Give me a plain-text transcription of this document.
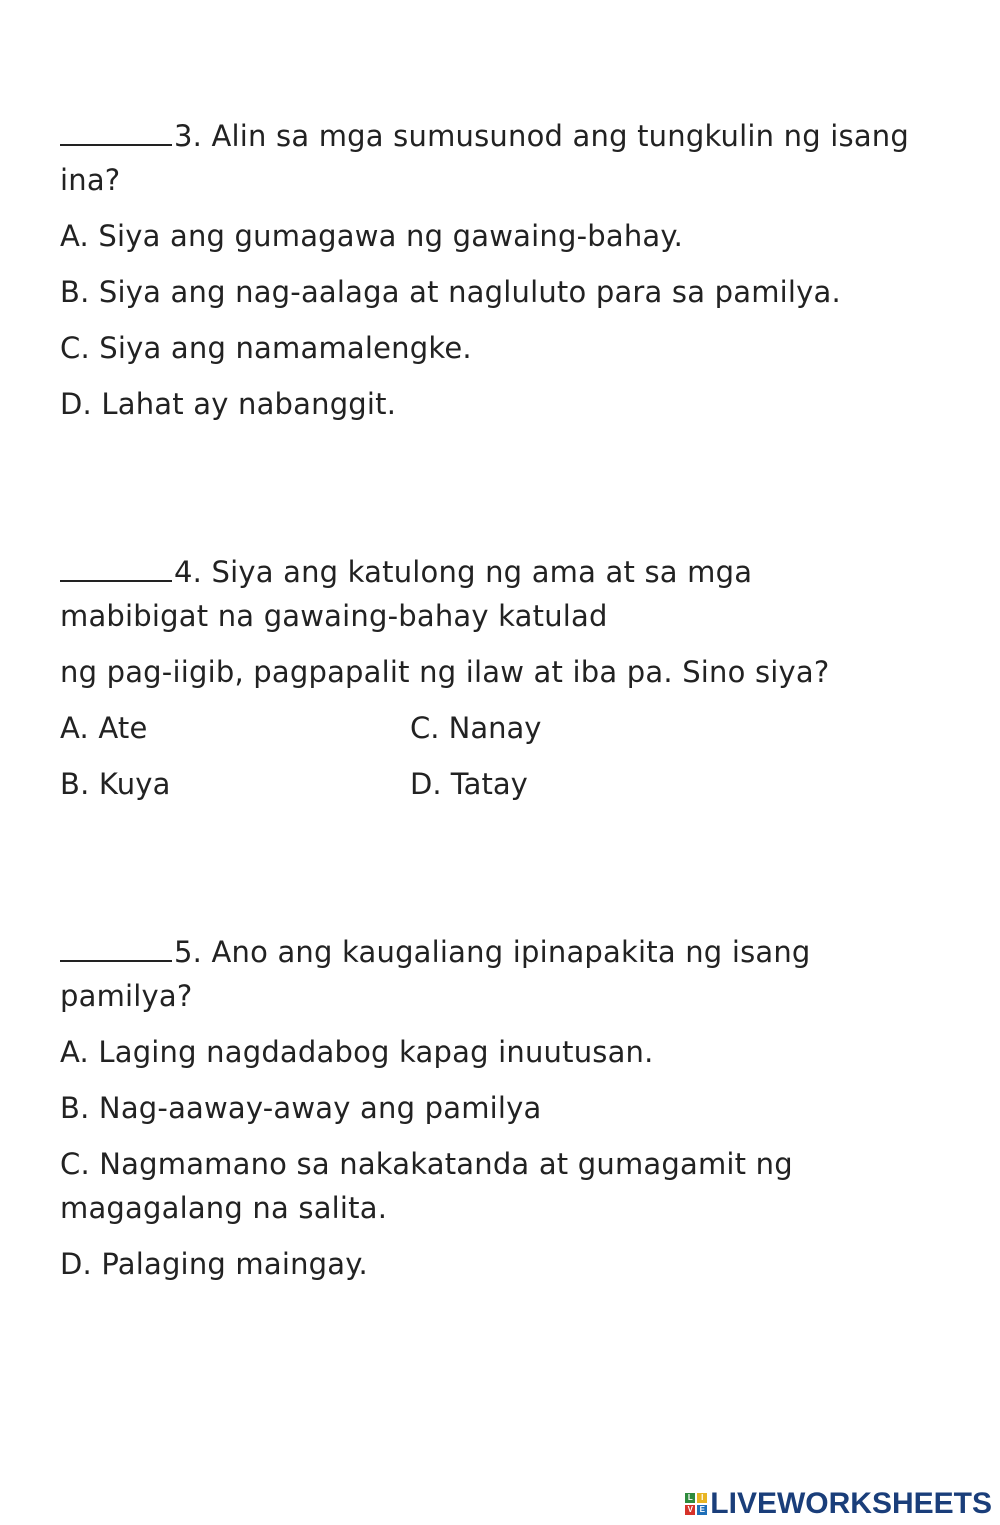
3. Alin sa mga sumusunod ang tungkulin ng isang
ina?
A. Siya ang gumagawa ng gawaing-bahay.
B. Siya ang nag-aalaga at nagluluto para sa pamilya.
C. Siya ang namamalengke.
D. Lahat ay nabanggit.
4. Siya ang katulong ng ama at sa mga
mabibigat na gawaing-bahay katulad
ng pag-iigib, pagpapalit ng ilaw at iba pa. Sino siya?
A. Ate	C. Nanay
B. Kuya	D. Tatay
5. Ano ang kaugaliang ipinapakita ng isang
pamilya?
A. Laging nagdadabog kapag inuutusan.
B. Nag-aaway-away ang pamilya
C. Nagmamano sa nakakatanda at gumagamit ng
magagalang na salita.
D. Palaging maingay.
L	I
V E LIVEWORKSHEETS
